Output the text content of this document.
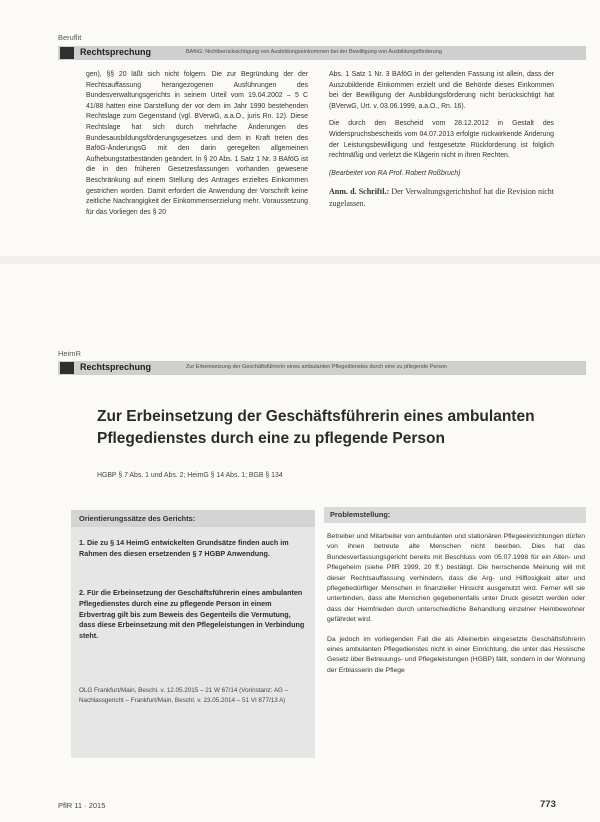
Beruflit
Rechtsprechung	BAföG; Nichtberücksichtigung von Ausbildungseinkommen bei der Bewilligung von Ausbildungsförderung

gen), §§ 20 läßt sich nicht folgern. Die zur Begründung der der Rechtsauffassung herangezogenen Ausführungen des Bundesverwaltungsgerichts in seinem Urteil vom 19.04.2002 – 5 C 41/88 hatten eine Darstellung der vor dem im Jahr 1990 bestehenden Rechtslage zum Gegenstand (vgl. BVerwG, a.a.O., juris Rn. 12). Diese Rechtslage hat sich durch mehrfache Änderungen des Bundesausbildungsförderungsgesetzes und dem in Kraft treten des BaföG-ÄnderungsG mit den darin geregelten allgemeinen Aufhebungstatbeständen geändert. In § 20 Abs. 1 Satz 1 Nr. 3 BAföG ist die in den früheren Gesetzesfassungen vorhanden gewesene Beschränkung auf einem Stellung des Antrages erzieltes Einkommen gestrichen worden. Damit erfordert die Anwendung der Vorschrift keine zeitliche Nachrangigkeit der Einkommenserzielung mehr. Voraussetzung für das Vorliegen des § 20

Abs. 1 Satz 1 Nr. 3 BAföG in der geltenden Fassung ist allein, dass der Auszubildende Einkommen erzielt und die Behörde dieses Einkommen bei der Bewilligung der Ausbildungsförderung nicht berücksichtigt hat (BVerwG, Urt. v. 03.06.1999, a.a.O., Rn. 16).

Die durch den Bescheid vom 28.12.2012 in Gestalt des Widerspruchsbescheids vom 04.07.2013 erfolgte rückwirkende Änderung der Leistungsbewilligung und festgesetzte Rückforderung ist folglich rechtmäßig und verletzt die Klägerin nicht in ihren Rechten.

(Bearbeitet von RA Prof. Robert Roßbruch)

Anm. d. Schriftl.: Der Verwaltungsgerichtshof hat die Revision nicht zugelassen.

HeimR
Rechtsprechung	Zur Erbeinsetzung der Geschäftsführerin eines ambulanten Pflegedienstes durch eine zu pflegende Person
Zur Erbeinsetzung der Geschäftsführerin eines ambulanten Pflegedienstes durch eine zu pflegende Person
HGBP § 7 Abs. 1 und Abs. 2; HeimG § 14 Abs. 1; BGB § 134
Orientierungssätze des Gerichts:
1. Die zu § 14 HeimG entwickelten Grundsätze finden auch im Rahmen des diesen ersetzenden § 7 HGBP Anwendung.
2. Für die Erbeinsetzung der Geschäftsführerin eines ambulanten Pflegedienstes durch eine zu pflegende Person in einem Erbvertrag gilt bis zum Beweis des Gegenteils die Vermutung, dass diese Erbeinsetzung mit den Pflegeleistungen in Verbindung steht.
OLG Frankfurt/Main, Beschl. v. 12.05.2015 – 21 W 67/14 (Vorinstanz: AG – Nachlassgericht – Frankfurt/Main, Beschl. v. 23.05.2014 – 51 VI 877/13 A)
Problemstellung:

Betreiber und Mitarbeiter von ambulanten und stationären Pflegeeinrichtungen dürfen von ihnen betreute alte Menschen nicht beerben. Dies hat das Bundesverfassungsgericht bereits mit Beschluss vom 05.07.1998 für ein Alten- und Pflegeheim (siehe PflR 1999, 20 ff.) bestätigt. Die herrschende Meinung will mit dieser Rechtsauffassung verhindern, dass die Arg- und Hilflosigkeit alter und pflegebedürftiger Menschen in finanzieller Hinsicht ausgenutzt wird. Ferner will sie unterbinden, dass alte Menschen gegebenenfalls unter Druck gesetzt werden oder dass der Heimfrieden durch unterschiedliche Behandlung einzelner Heimbewohner gefährdet wird.

Da jedoch im vorliegenden Fall die als Alleinerbin eingesetzte Geschäftsführerin eines ambulanten Pflegedienstes nicht in einer Einrichtung, die unter das Hessische Gesetz über Betreuungs- und Pflegeleistungen (HGBP) fällt, sondern in der Wohnung der Erblasserin die Pflege

PflR 11 · 2015	773
